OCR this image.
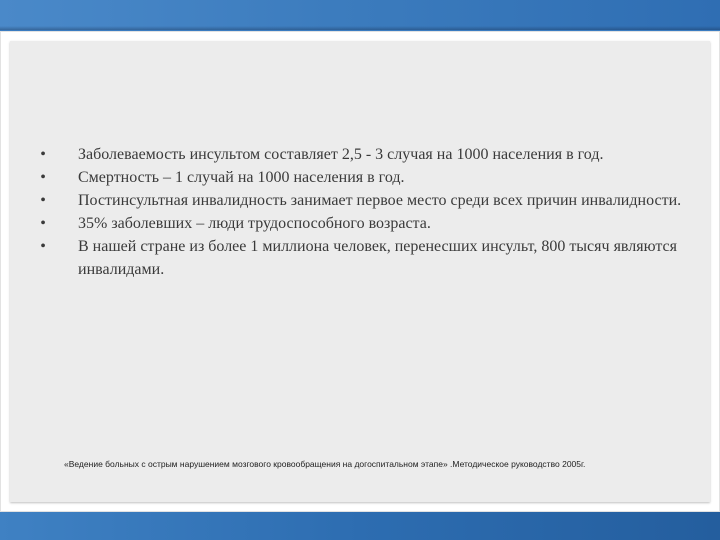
• Заболеваемость инсультом составляет 2,5 - 3 случая на 1000 населения в год.
• Смертность – 1 случай на 1000 населения в год.
• Постинсультная инвалидность занимает первое место среди всех причин инвалидности.
• 35% заболевших – люди трудоспособного возраста.
• В нашей стране из более 1 миллиона человек, перенесших инсульт, 800 тысяч являются инвалидами.
«Ведение больных с острым нарушением мозгового кровообращения на догоспитальном этапе» .Методическое руководство 2005г.
